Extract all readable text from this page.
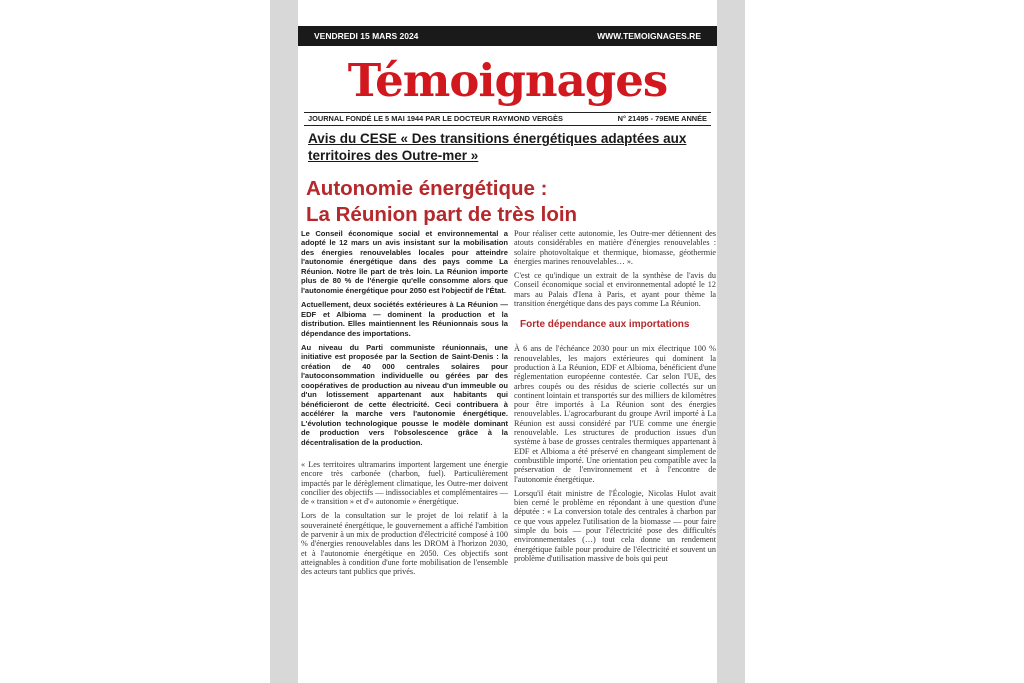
VENDREDI 15 MARS 2024	WWW.TEMOIGNAGES.RE
Témoignages
JOURNAL FONDÉ LE 5 MAI 1944 PAR LE DOCTEUR RAYMOND VERGÈS	N° 21495 - 79EME ANNÉE
Avis du CESE « Des transitions énergétiques adaptées aux territoires des Outre-mer »
Autonomie énergétique :
La Réunion part de très loin

Le Conseil économique social et environnemental a adopté le 12 mars un avis insistant sur la mobilisation des énergies renouvelables locales pour atteindre l'autonomie énergétique dans des pays comme La Réunion. Notre île part de très loin. La Réunion importe plus de 80 % de l'énergie qu'elle consomme alors que l'autonomie énergétique pour 2050 est l'objectif de l'État.

Actuellement, deux sociétés extérieures à La Réunion — EDF et Albioma — dominent la production et la distribution. Elles maintiennent les Réunionnais sous la dépendance des importations.

Au niveau du Parti communiste réunionnais, une initiative est proposée par la Section de Saint-Denis : la création de 40 000 centrales solaires pour l'autoconsommation individuelle ou gérées par des coopératives de production au niveau d'un immeuble ou d'un lotissement appartenant aux habitants qui bénéficieront de cette électricité. Ceci contribuera à accélérer la marche vers l'autonomie énergétique. L'évolution technologique pousse le modèle dominant de production vers l'obsolescence grâce à la décentralisation de la production.

« Les territoires ultramarins importent largement une énergie encore très carbonée (charbon, fuel). Particulièrement impactés par le dérèglement climatique, les Outre-mer doivent concilier des objectifs — indissociables et complémentaires — de « transition » et d'« autonomie » énergétique.

Lors de la consultation sur le projet de loi relatif à la souveraineté énergétique, le gouvernement a affiché l'ambition de parvenir à un mix de production d'électricité composé à 100 % d'énergies renouvelables dans les DROM à l'horizon 2030, et à l'autonomie énergétique en 2050. Ces objectifs sont atteignables à condition d'une forte mobilisation de l'ensemble des acteurs tant publics que privés.

Pour réaliser cette autonomie, les Outre-mer détiennent des atouts considérables en matière d'énergies renouvelables : solaire photovoltaïque et thermique, biomasse, géothermie énergies marines renouvelables… ».

C'est ce qu'indique un extrait de la synthèse de l'avis du Conseil économique social et environnemental adopté le 12 mars au Palais d'Iena à Paris, et ayant pour thème la transition énergétique dans des pays comme La Réunion.

Forte dépendance aux importations

À 6 ans de l'échéance 2030 pour un mix électrique 100 % renouvelables, les majors extérieures qui dominent la production à La Réunion, EDF et Albioma, bénéficient d'une réglementation européenne contestée. Car selon l'UE, des arbres coupés ou des résidus de scierie collectés sur un continent lointain et transportés sur des milliers de kilomètres pour être importés à La Réunion sont des énergies renouvelables. L'agrocarburant du groupe Avril importé à La Réunion est aussi considéré par l'UE comme une énergie renouvelable. Les structures de production issues d'un système à base de grosses centrales thermiques appartenant à EDF et Albioma a été préservé en changeant simplement de combustible importé. Une orientation peu compatible avec la préservation de l'environnement et à l'encontre de l'autonomie énergétique.

Lorsqu'il était ministre de l'Écologie, Nicolas Hulot avait bien cerné le problème en répondant à une question d'une députée : « La conversion totale des centrales à charbon par ce que vous appelez l'utilisation de la biomasse — pour faire simple du bois — pour l'électricité pose des difficultés environnementales (…) tout cela donne un rendement énergétique faible pour produire de l'électricité et souvent un problème d'utilisation massive de bois qui peut
